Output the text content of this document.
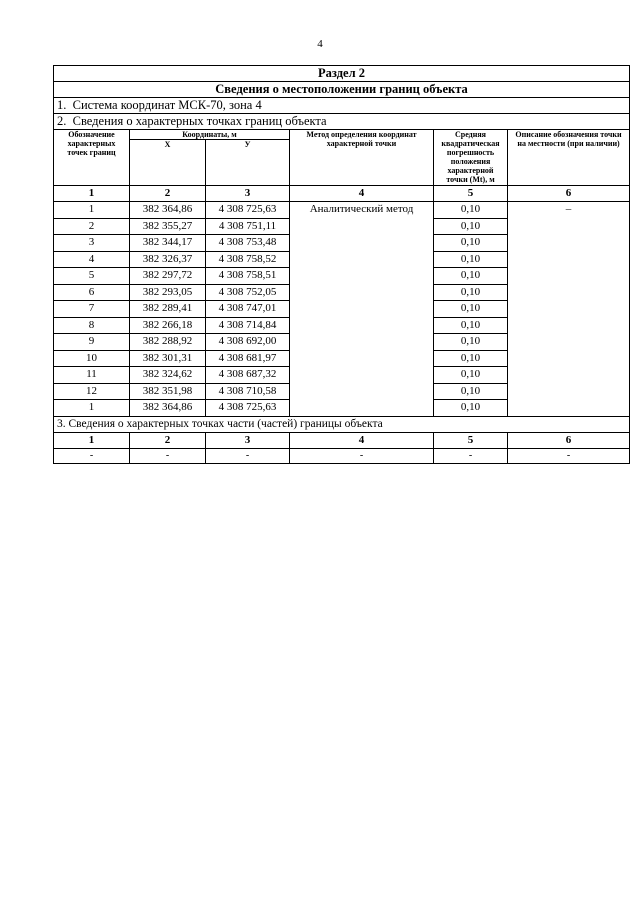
4
Раздел 2					
Сведения о местоположении границ объекта					
1. Система координат МСК-70, зона 4					
2. Сведения о характерных точках границ объекта					
Обозначение характерных точек границ	Координаты, м		Метод определения координат характерной точки	Средняя квадратическая погрешность положения характерной точки (Mt), м	Описание обозначения точки на местности (при наличии)
	X	У			
1	2	3	4	5	6
1	382 364,86	4 308 725,63	Аналитический метод	0,10	–
2	382 355,27	4 308 751,11		0,10	
3	382 344,17	4 308 753,48		0,10	
4	382 326,37	4 308 758,52		0,10	
5	382 297,72	4 308 758,51		0,10	
6	382 293,05	4 308 752,05		0,10	
7	382 289,41	4 308 747,01		0,10	
8	382 266,18	4 308 714,84		0,10	
9	382 288,92	4 308 692,00		0,10	
10	382 301,31	4 308 681,97		0,10	
11	382 324,62	4 308 687,32		0,10	
12	382 351,98	4 308 710,58		0,10	
1	382 364,86	4 308 725,63		0,10	
3. Сведения о характерных точках части (частей) границы объекта					
1	2	3	4	5	6
-	-	-	-	-	-
